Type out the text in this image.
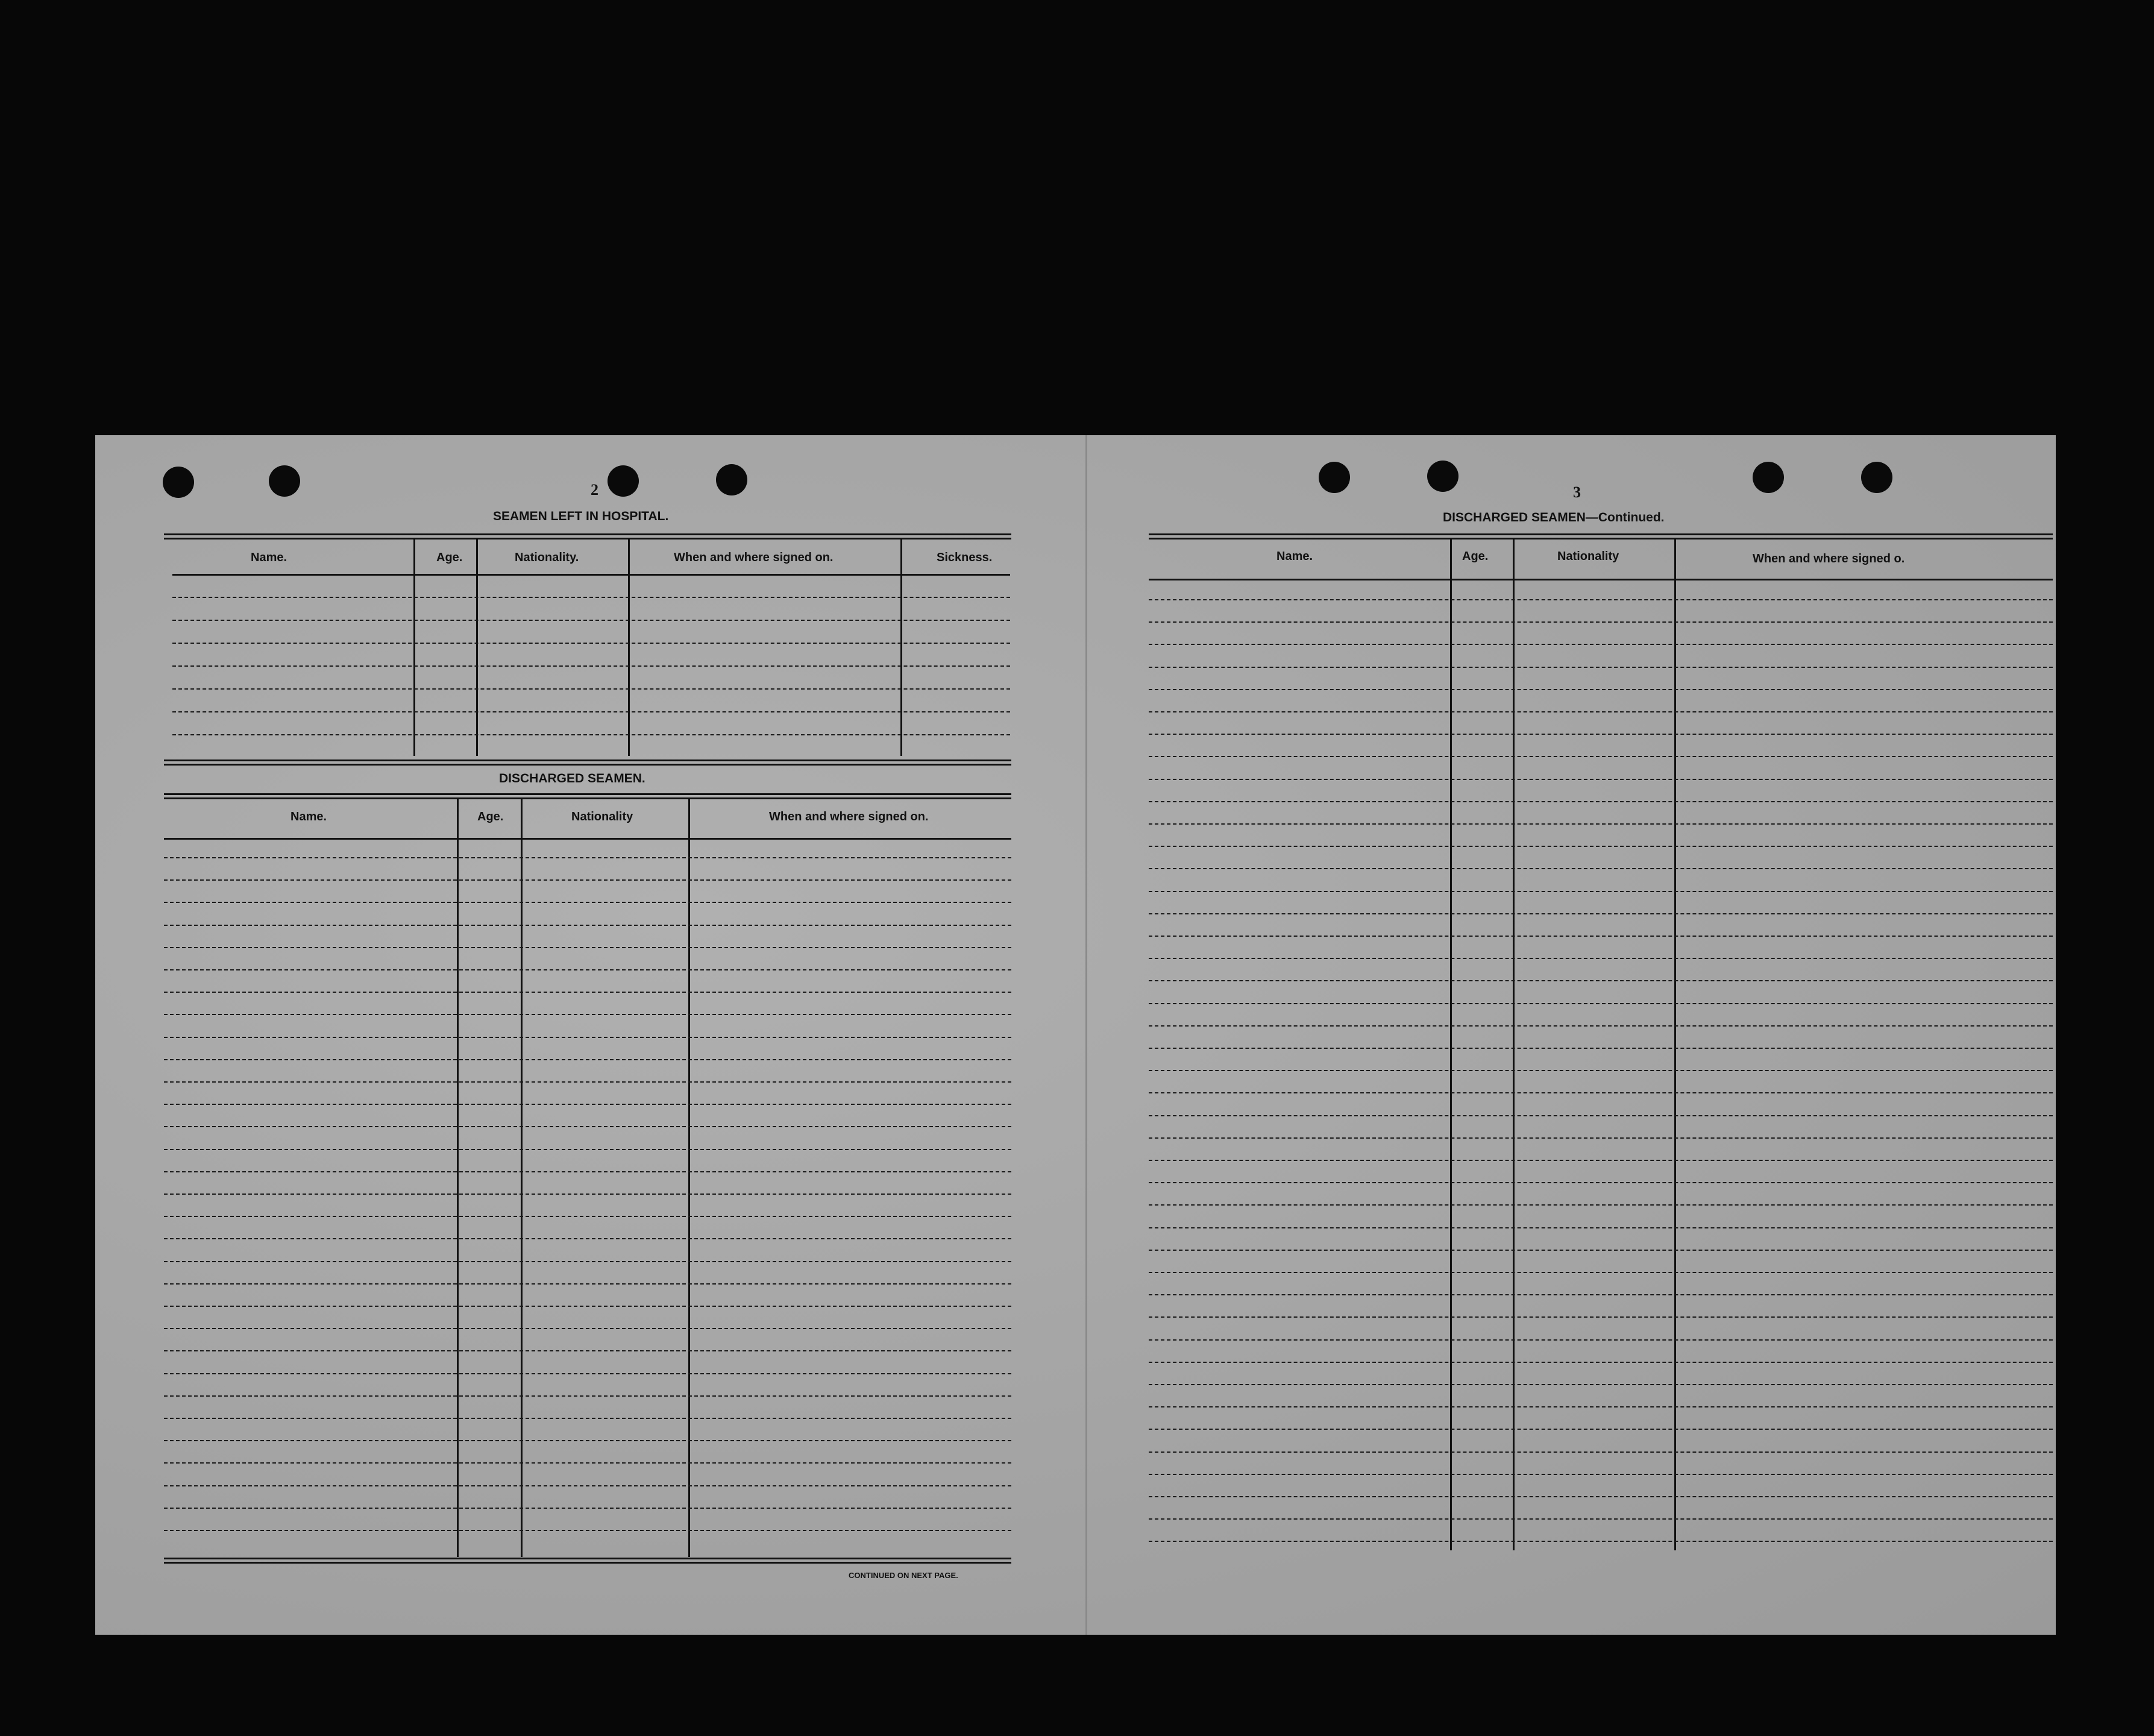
2
SEAMEN LEFT IN HOSPITAL.
Name.	Age.	Nationality.	When and where signed on.	Sickness.
DISCHARGED SEAMEN.
Name.	Age.	Nationality	When and where signed on.
CONTINUED ON NEXT PAGE.
3
DISCHARGED SEAMEN—Continued.
Name.	Age.	Nationality	When and where signed o.
